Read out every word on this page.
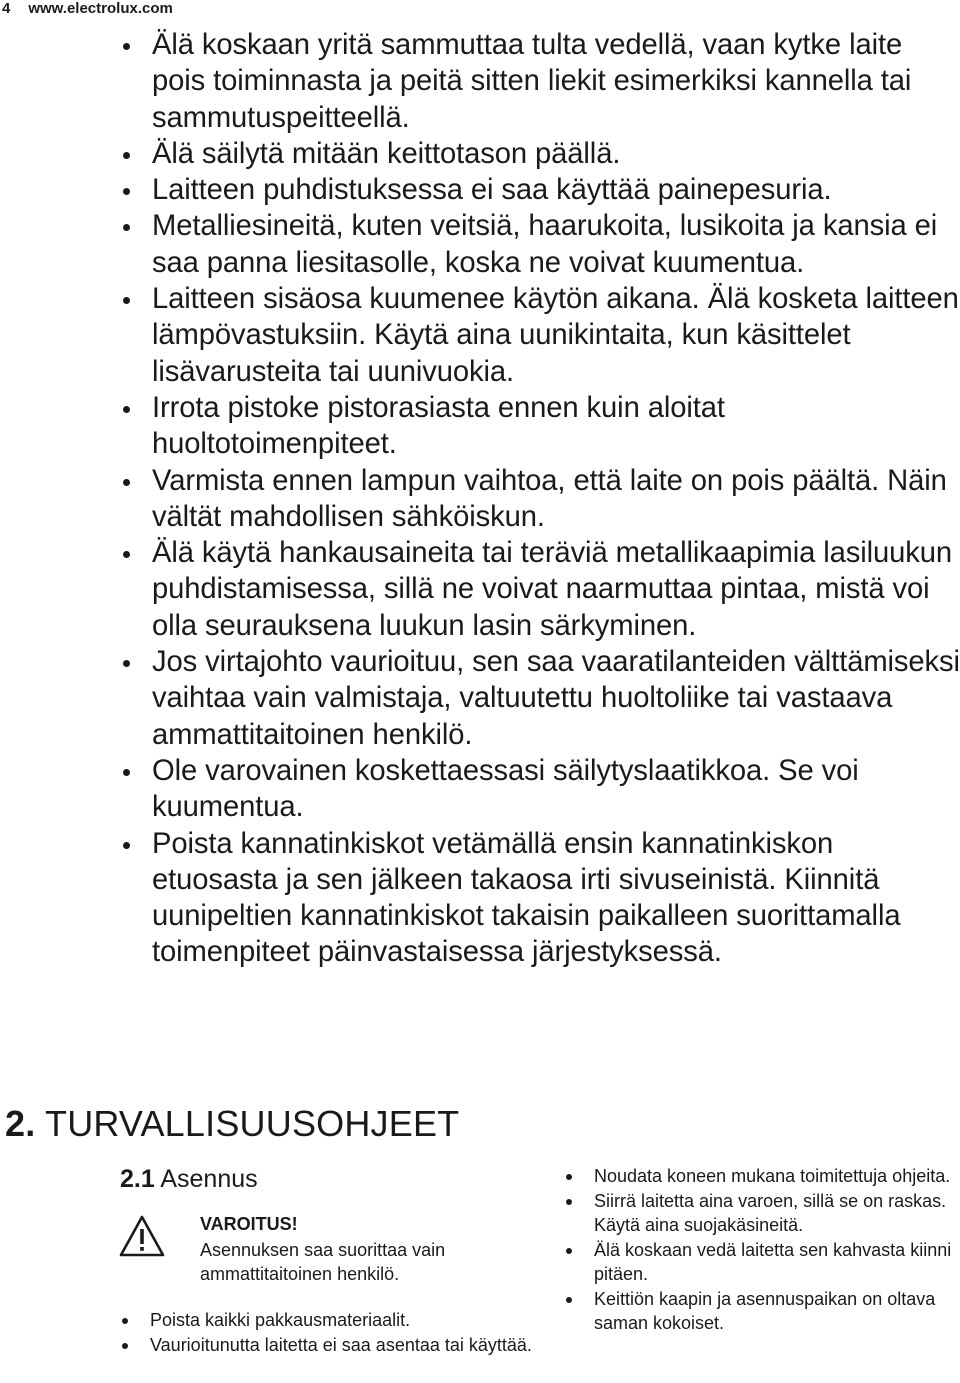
4 www.electrolux.com
Älä koskaan yritä sammuttaa tulta vedellä, vaan kytke laite pois toiminnasta ja peitä sitten liekit esimerkiksi kannella tai sammutuspeitteellä.
Älä säilytä mitään keittotason päällä.
Laitteen puhdistuksessa ei saa käyttää painepesuria.
Metalliesineitä, kuten veitsiä, haarukoita, lusikoita ja kansia ei saa panna liesitasolle, koska ne voivat kuumentua.
Laitteen sisäosa kuumenee käytön aikana. Älä kosketa laitteen lämpövastuksiin. Käytä aina uunikintaita, kun käsittelet lisävarusteita tai uunivuokia.
Irrota pistoke pistorasiasta ennen kuin aloitat huoltotoimenpiteet.
Varmista ennen lampun vaihtoa, että laite on pois päältä. Näin vältät mahdollisen sähköiskun.
Älä käytä hankausaineita tai teräviä metallikaapimia lasiluukun puhdistamisessa, sillä ne voivat naarmuttaa pintaa, mistä voi olla seurauksena luukun lasin särkyminen.
Jos virtajohto vaurioituu, sen saa vaaratilanteiden välttämiseksi vaihtaa vain valmistaja, valtuutettu huoltoliike tai vastaava ammattitaitoinen henkilö.
Ole varovainen koskettaessasi säilytyslaatikkoa. Se voi kuumentua.
Poista kannatinkiskot vetämällä ensin kannatinkiskon etuosasta ja sen jälkeen takaosa irti sivuseinistä. Kiinnitä uunipeltien kannatinkiskot takaisin paikalleen suorittamalla toimenpiteet päinvastaisessa järjestyksessä.
2. TURVALLISUUSOHJEET
2.1 Asennus
VAROITUS!
Asennuksen saa suorittaa vain ammattitaitoinen henkilö.
Poista kaikki pakkausmateriaalit.
Vaurioitunutta laitetta ei saa asentaa tai käyttää.
Noudata koneen mukana toimitettuja ohjeita.
Siirrä laitetta aina varoen, sillä se on raskas. Käytä aina suojakäsineitä.
Älä koskaan vedä laitetta sen kahvasta kiinni pitäen.
Keittiön kaapin ja asennuspaikan on oltava saman kokoiset.
